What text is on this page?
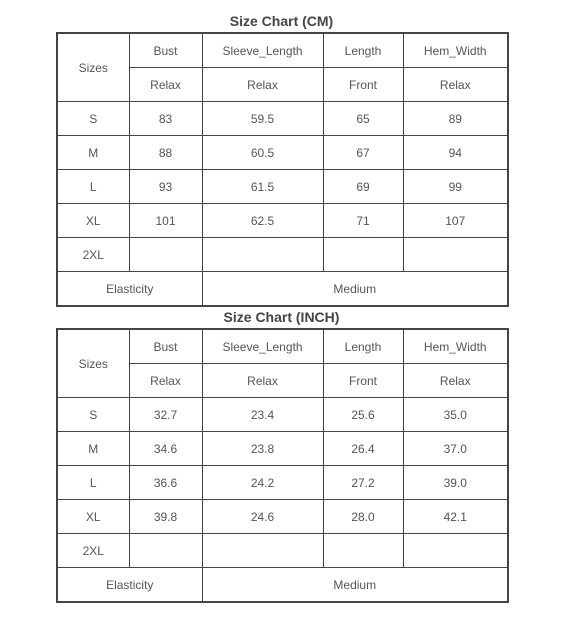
Size Chart (CM)
Sizes	Bust	Sleeve_Length	Length	Hem_Width
	Relax	Relax	Front	Relax
S	83	59.5	65	89
M	88	60.5	67	94
L	93	61.5	69	99
XL	101	62.5	71	107
2XL				
Elasticity		Medium		
Size Chart (INCH)
Sizes	Bust	Sleeve_Length	Length	Hem_Width
	Relax	Relax	Front	Relax
S	32.7	23.4	25.6	35.0
M	34.6	23.8	26.4	37.0
L	36.6	24.2	27.2	39.0
XL	39.8	24.6	28.0	42.1
2XL				
Elasticity		Medium		
